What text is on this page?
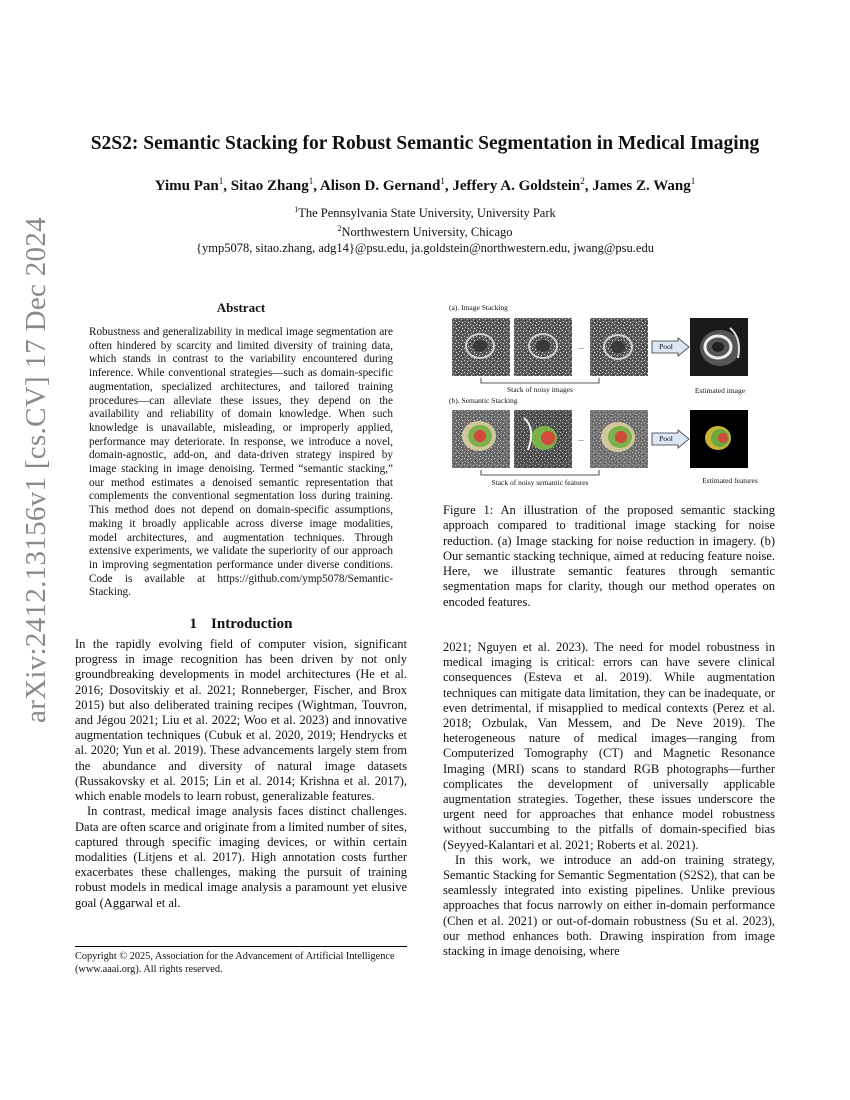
arXiv:2412.13156v1 [cs.CV] 17 Dec 2024
S2S2: Semantic Stacking for Robust Semantic Segmentation in Medical Imaging
Yimu Pan$^1$, Sitao Zhang$^1$, Alison D. Gernand$^1$, Jeffery A. Goldstein$^2$, James Z. Wang$^1$
$^1$The Pennsylvania State University, University Park
$^2$Northwestern University, Chicago
{ymp5078, sitao.zhang, adg14}@psu.edu, ja.goldstein@northwestern.edu, jwang@psu.edu
Abstract

Robustness and generalizability in medical image segmentation are often hindered by scarcity and limited diversity of training data, which stands in contrast to the variability encountered during inference. While conventional strategies—such as domain-specific augmentation, specialized architectures, and tailored training procedures—can alleviate these issues, they depend on the availability and reliability of domain knowledge. When such knowledge is unavailable, misleading, or improperly applied, performance may deteriorate. In response, we introduce a novel, domain-agnostic, add-on, and data-driven strategy inspired by image stacking in image denoising. Termed “semantic stacking,” our method estimates a denoised semantic representation that complements the conventional segmentation loss during training. This method does not depend on domain-specific assumptions, making it broadly applicable across diverse image modalities, model architectures, and augmentation techniques. Through extensive experiments, we validate the superiority of our approach in improving segmentation performance under diverse conditions. Code is available at https://github.com/ymp5078/Semantic-Stacking.

1 Introduction

In the rapidly evolving field of computer vision, significant progress in image recognition has been driven by not only groundbreaking developments in model architectures (He et al. 2016; Dosovitskiy et al. 2021; Ronneberger, Fischer, and Brox 2015) but also deliberated training recipes (Wightman, Touvron, and Jégou 2021; Liu et al. 2022; Woo et al. 2023) and innovative augmentation techniques (Cubuk et al. 2020, 2019; Hendrycks et al. 2020; Yun et al. 2019). These advancements largely stem from the abundance and diversity of natural image datasets (Russakovsky et al. 2015; Lin et al. 2014; Krishna et al. 2017), which enable models to learn robust, generalizable features.

In contrast, medical image analysis faces distinct challenges. Data are often scarce and originate from a limited number of sites, captured through specific imaging devices, or within certain modalities (Litjens et al. 2017). High annotation costs further exacerbates these challenges, making the pursuit of training robust models in medical image analysis a paramount yet elusive goal (Aggarwal et al.

Copyright © 2025, Association for the Advancement of Artificial Intelligence (www.aaai.org). All rights reserved.
(a). Image Stacking
...	Pool
Stack of noisy images	Estimated image
(b). Semantic Stacking
...	Pool
Stack of noisy semantic features	Estimated features

Figure 1: An illustration of the proposed semantic stacking approach compared to traditional image stacking for noise reduction. (a) Image stacking for noise reduction in imagery. (b) Our semantic stacking technique, aimed at reducing feature noise. Here, we illustrate semantic features through semantic segmentation maps for clarity, though our method operates on encoded features.

2021; Nguyen et al. 2023). The need for model robustness in medical imaging is critical: errors can have severe clinical consequences (Esteva et al. 2019). While augmentation techniques can mitigate data limitation, they can be inadequate, or even detrimental, if misapplied to medical contexts (Perez et al. 2018; Ozbulak, Van Messem, and De Neve 2019). The heterogeneous nature of medical images—ranging from Computerized Tomography (CT) and Magnetic Resonance Imaging (MRI) scans to standard RGB photographs—further complicates the development of universally applicable augmentation strategies. Together, these issues underscore the urgent need for approaches that enhance model robustness without succumbing to the pitfalls of domain-specified bias (Seyyed-Kalantari et al. 2021; Roberts et al. 2021).

In this work, we introduce an add-on training strategy, Semantic Stacking for Semantic Segmentation (S2S2), that can be seamlessly integrated into existing pipelines. Unlike previous approaches that focus narrowly on either in-domain performance (Chen et al. 2021) or out-of-domain robustness (Su et al. 2023), our method enhances both. Drawing inspiration from image stacking in image denoising, where
